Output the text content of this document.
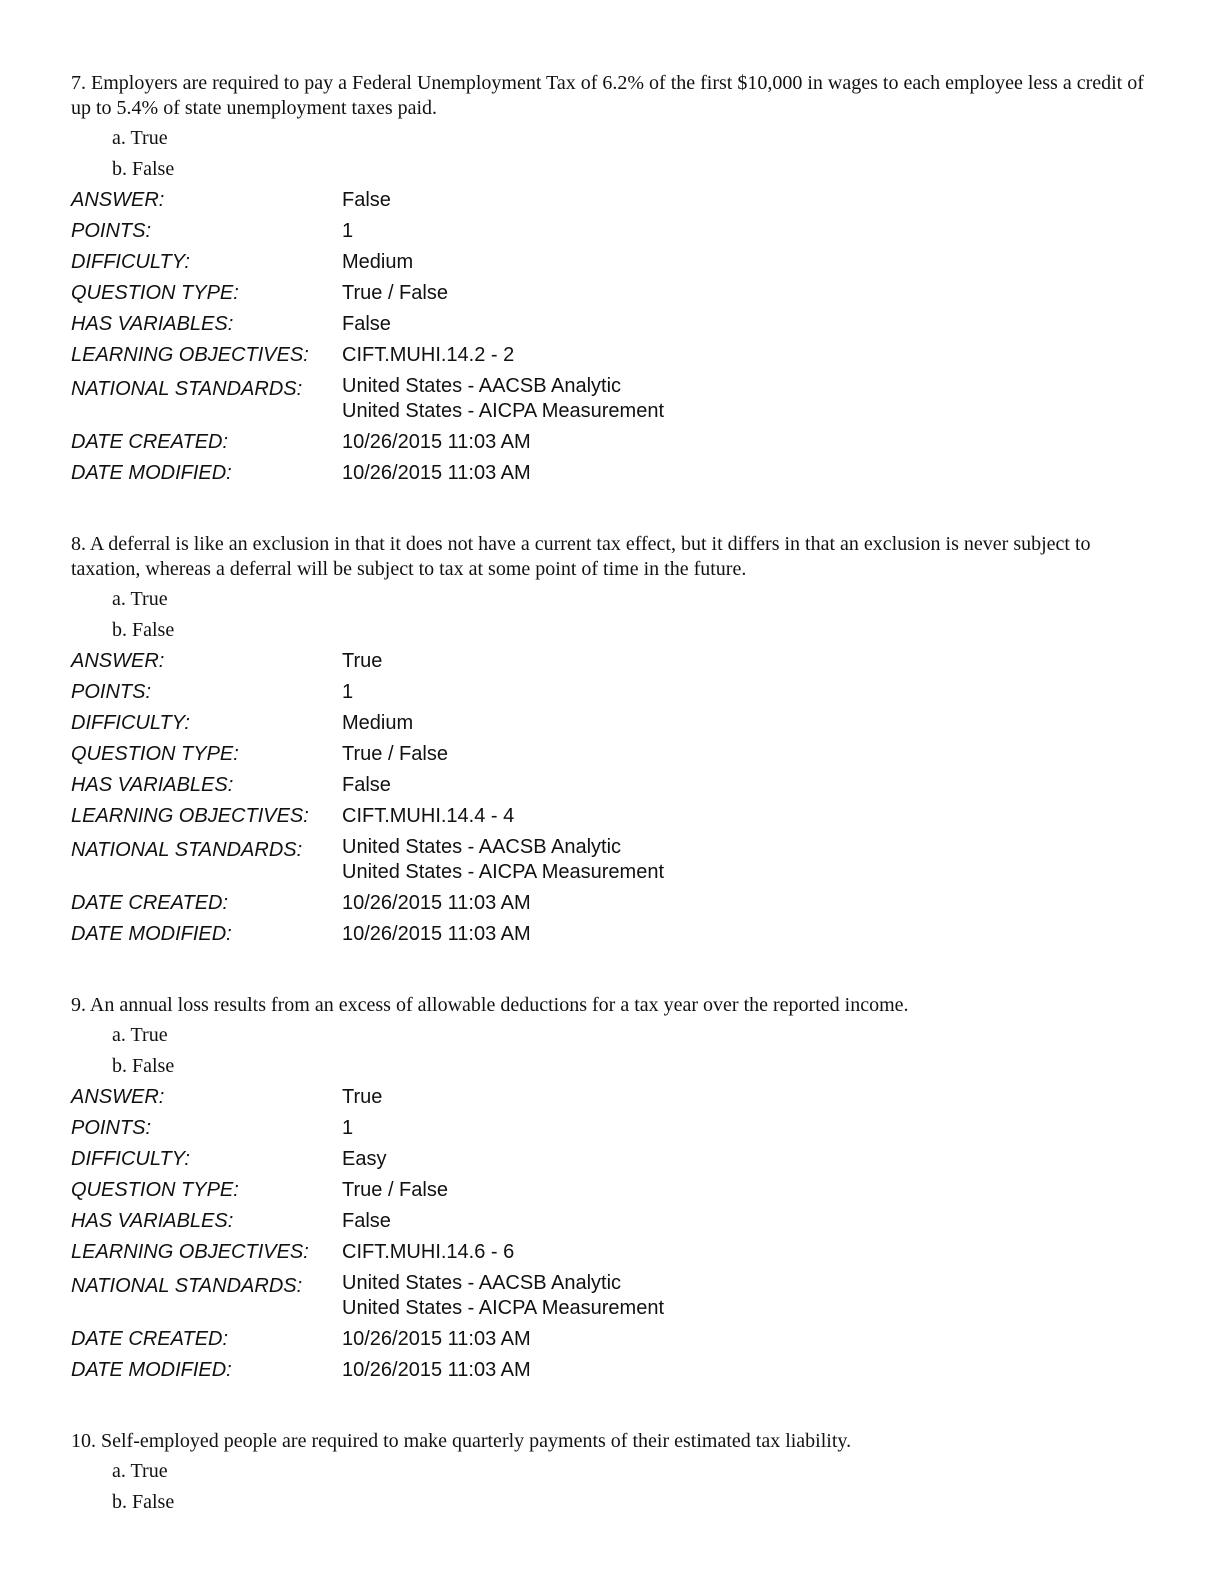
7. Employers are required to pay a Federal Unemployment Tax of 6.2% of the first $10,000 in wages to each employee less a credit of up to 5.4% of state unemployment taxes paid.

a. True
b. False
ANSWER:	False
POINTS:	1
DIFFICULTY:	Medium
QUESTION TYPE:	True / False
HAS VARIABLES:	False
LEARNING OBJECTIVES:	CIFT.MUHI.14.2 - 2
NATIONAL STANDARDS:	United States - AACSB Analytic
United States - AICPA Measurement
DATE CREATED:	10/26/2015 11:03 AM
DATE MODIFIED:	10/26/2015 11:03 AM

8. A deferral is like an exclusion in that it does not have a current tax effect, but it differs in that an exclusion is never subject to taxation, whereas a deferral will be subject to tax at some point of time in the future.

a. True
b. False
ANSWER:	True
POINTS:	1
DIFFICULTY:	Medium
QUESTION TYPE:	True / False
HAS VARIABLES:	False
LEARNING OBJECTIVES:	CIFT.MUHI.14.4 - 4
NATIONAL STANDARDS:	United States - AACSB Analytic
United States - AICPA Measurement
DATE CREATED:	10/26/2015 11:03 AM
DATE MODIFIED:	10/26/2015 11:03 AM

9. An annual loss results from an excess of allowable deductions for a tax year over the reported income.

a. True
b. False
ANSWER:	True
POINTS:	1
DIFFICULTY:	Easy
QUESTION TYPE:	True / False
HAS VARIABLES:	False
LEARNING OBJECTIVES:	CIFT.MUHI.14.6 - 6
NATIONAL STANDARDS:	United States - AACSB Analytic
United States - AICPA Measurement
DATE CREATED:	10/26/2015 11:03 AM
DATE MODIFIED:	10/26/2015 11:03 AM

10. Self-employed people are required to make quarterly payments of their estimated tax liability.

a. True
b. False
